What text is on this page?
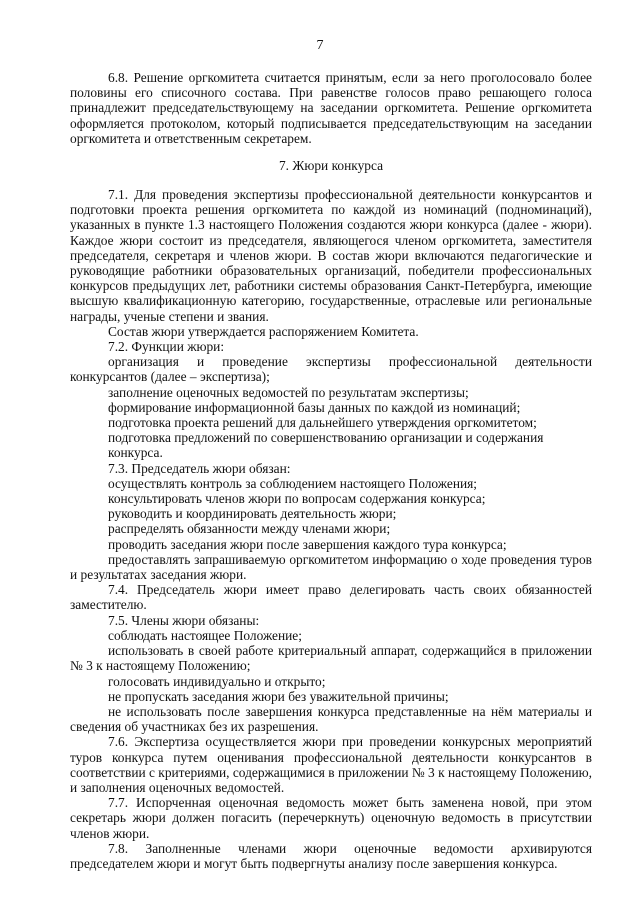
7

6.8. Решение оргкомитета считается принятым, если за него проголосовало более половины его списочного состава. При равенстве голосов право решающего голоса принадлежит председательствующему на заседании оргкомитета. Решение оргкомитета оформляется протоколом, который подписывается председательствующим на заседании оргкомитета и ответственным секретарем.

7. Жюри конкурса

7.1. Для проведения экспертизы профессиональной деятельности конкурсантов и подготовки проекта решения оргкомитета по каждой из номинаций (подноминаций), указанных в пункте 1.3 настоящего Положения создаются жюри конкурса (далее - жюри). Каждое жюри состоит из председателя, являющегося членом оргкомитета, заместителя председателя, секретаря и членов жюри. В состав жюри включаются педагогические и руководящие работники образовательных организаций, победители профессиональных конкурсов предыдущих лет, работники системы образования Санкт-Петербурга, имеющие высшую квалификационную категорию, государственные, отраслевые или региональные награды, ученые степени и звания.

Состав жюри утверждается распоряжением Комитета.

7.2. Функции жюри:

организация и проведение экспертизы профессиональной деятельности конкурсантов (далее – экспертиза);

заполнение оценочных ведомостей по результатам экспертизы;

формирование информационной базы данных по каждой из номинаций;

подготовка проекта решений для дальнейшего утверждения оргкомитетом;

подготовка предложений по совершенствованию организации и содержания конкурса.

7.3. Председатель жюри обязан:

осуществлять контроль за соблюдением настоящего Положения;

консультировать членов жюри по вопросам содержания конкурса;

руководить и координировать деятельность жюри;

распределять обязанности между членами жюри;

проводить заседания жюри после завершения каждого тура конкурса;

предоставлять запрашиваемую оргкомитетом информацию о ходе проведения туров и результатах заседания жюри.

7.4. Председатель жюри имеет право делегировать часть своих обязанностей заместителю.

7.5. Члены жюри обязаны:

соблюдать настоящее Положение;

использовать в своей работе критериальный аппарат, содержащийся в приложении № 3 к настоящему Положению;

голосовать индивидуально и открыто;

не пропускать заседания жюри без уважительной причины;

не использовать после завершения конкурса представленные на нём материалы и сведения об участниках без их разрешения.

7.6. Экспертиза осуществляется жюри при проведении конкурсных мероприятий туров конкурса путем оценивания профессиональной деятельности конкурсантов в соответствии с критериями, содержащимися в приложении № 3 к настоящему Положению, и заполнения оценочных ведомостей.

7.7. Испорченная оценочная ведомость может быть заменена новой, при этом секретарь жюри должен погасить (перечеркнуть) оценочную ведомость в присутствии членов жюри.

7.8. Заполненные членами жюри оценочные ведомости архивируются председателем жюри и могут быть подвергнуты анализу после завершения конкурса.
